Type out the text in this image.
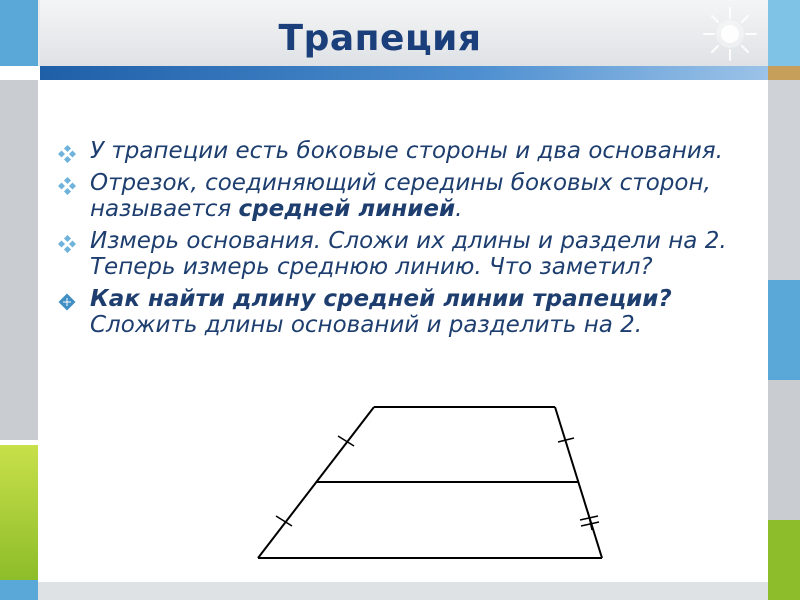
Трапеция
У трапеции есть боковые стороны и два основания.
Отрезок, соединяющий середины боковых сторон, называется средней линией.
Измерь основания. Сложи их длины и раздели на 2. Теперь измерь среднюю линию. Что заметил?
Как найти длину средней линии трапеции? Сложить длины оснований и разделить на 2.
